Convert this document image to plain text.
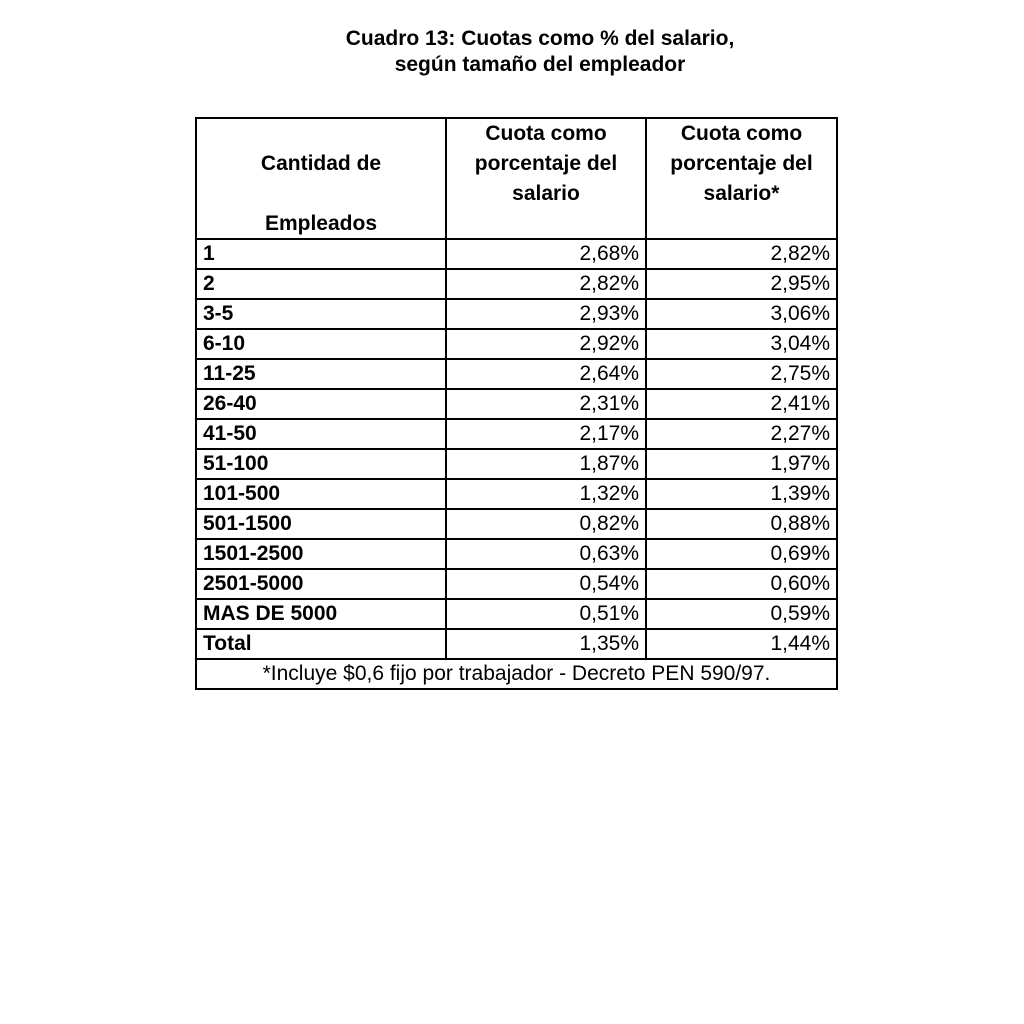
Cuadro 13: Cuotas como % del salario,
según tamaño del empleador
Cantidad de
Empleados	Cuota como porcentaje del salario	Cuota como porcentaje del salario*
1	2,68%	2,82%
2	2,82%	2,95%
3-5	2,93%	3,06%
6-10	2,92%	3,04%
11-25	2,64%	2,75%
26-40	2,31%	2,41%
41-50	2,17%	2,27%
51-100	1,87%	1,97%
101-500	1,32%	1,39%
501-1500	0,82%	0,88%
1501-2500	0,63%	0,69%
2501-5000	0,54%	0,60%
MAS DE 5000	0,51%	0,59%
Total	1,35%	1,44%
*Incluye $0,6 fijo por trabajador - Decreto PEN 590/97.		
